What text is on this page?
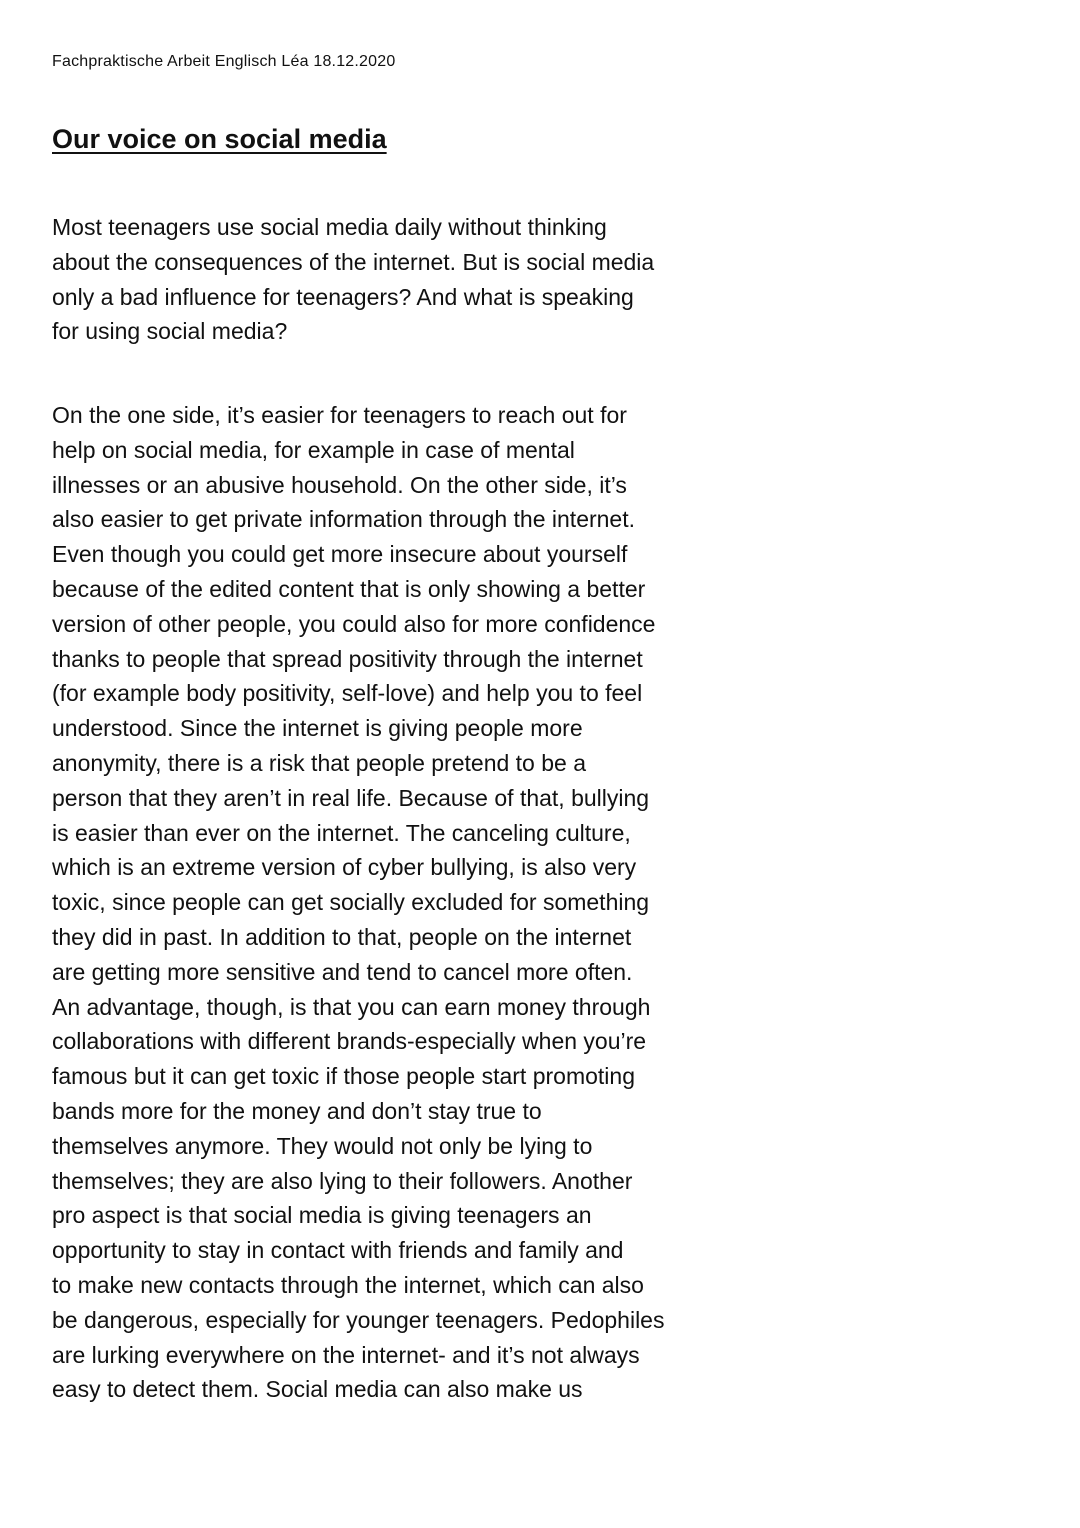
Fachpraktische Arbeit Englisch Léa 18.12.2020
Our voice on social media

Most teenagers use social media daily without thinking
about the consequences of the internet. But is social media
only a bad influence for teenagers? And what is speaking
for using social media?

On the one side, it’s easier for teenagers to reach out for
help on social media, for example in case of mental
illnesses or an abusive household. On the other side, it’s
also easier to get private information through the internet.
Even though you could get more insecure about yourself
because of the edited content that is only showing a better
version of other people, you could also for more confidence
thanks to people that spread positivity through the internet
(for example body positivity, self-love) and help you to feel
understood. Since the internet is giving people more
anonymity, there is a risk that people pretend to be a
person that they aren’t in real life. Because of that, bullying
is easier than ever on the internet. The canceling culture,
which is an extreme version of cyber bullying, is also very
toxic, since people can get socially excluded for something
they did in past. In addition to that, people on the internet
are getting more sensitive and tend to cancel more often.
An advantage, though, is that you can earn money through
collaborations with different brands-especially when you’re
famous but it can get toxic if those people start promoting
bands more for the money and don’t stay true to
themselves anymore. They would not only be lying to
themselves; they are also lying to their followers. Another
pro aspect is that social media is giving teenagers an
opportunity to stay in contact with friends and family and
to make new contacts through the internet, which can also
be dangerous, especially for younger teenagers. Pedophiles
are lurking everywhere on the internet- and it’s not always
easy to detect them. Social media can also make us
